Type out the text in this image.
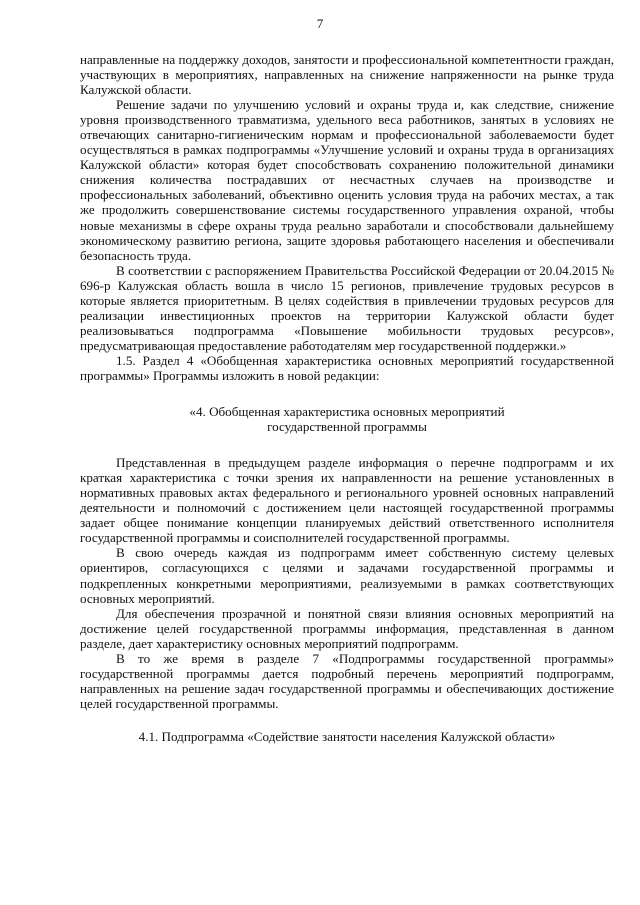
7

направленные на поддержку доходов, занятости и профессиональной компетентности граждан, участвующих в мероприятиях, направленных на снижение напряженности на рынке труда Калужской области.

Решение задачи по улучшению условий и охраны труда и, как следствие, снижение уровня производственного травматизма, удельного веса работников, занятых в условиях не отвечающих санитарно-гигиеническим нормам и профессиональной заболеваемости будет осуществляться в рамках подпрограммы «Улучшение условий и охраны труда в организациях Калужской области» которая будет способствовать сохранению положительной динамики снижения количества пострадавших от несчастных случаев на производстве и профессиональных заболеваний, объективно оценить условия труда на рабочих местах, а так же продолжить совершенствование системы государственного управления охраной, чтобы новые механизмы в сфере охраны труда реально заработали и способствовали дальнейшему экономическому развитию региона, защите здоровья работающего населения и обеспечивали безопасность труда.

В соответствии с распоряжением Правительства Российской Федерации от 20.04.2015 № 696-р Калужская область вошла в число 15 регионов, привлечение трудовых ресурсов в которые является приоритетным. В целях содействия в привлечении трудовых ресурсов для реализации инвестиционных проектов на территории Калужской области будет реализовываться подпрограмма «Повышение мобильности трудовых ресурсов», предусматривающая предоставление работодателям мер государственной поддержки.»

1.5. Раздел 4 «Обобщенная характеристика основных мероприятий государственной программы» Программы изложить в новой редакции:

«4. Обобщенная характеристика основных мероприятий

государственной программы

Представленная в предыдущем разделе информация о перечне подпрограмм и их краткая характеристика с точки зрения их направленности на решение установленных в нормативных правовых актах федерального и регионального уровней основных направлений деятельности и полномочий с достижением цели настоящей государственной программы задает общее понимание концепции планируемых действий ответственного исполнителя государственной программы и соисполнителей государственной программы.

В свою очередь каждая из подпрограмм имеет собственную систему целевых ориентиров, согласующихся с целями и задачами государственной программы и подкрепленных конкретными мероприятиями, реализуемыми в рамках соответствующих основных мероприятий.

Для обеспечения прозрачной и понятной связи влияния основных мероприятий на достижение целей государственной программы информация, представленная в данном разделе, дает характеристику основных мероприятий подпрограмм.

В то же время в разделе 7 «Подпрограммы государственной программы» государственной программы дается подробный перечень мероприятий подпрограмм, направленных на решение задач государственной программы и обеспечивающих достижение целей государственной программы.

4.1. Подпрограмма «Содействие занятости населения Калужской области»
